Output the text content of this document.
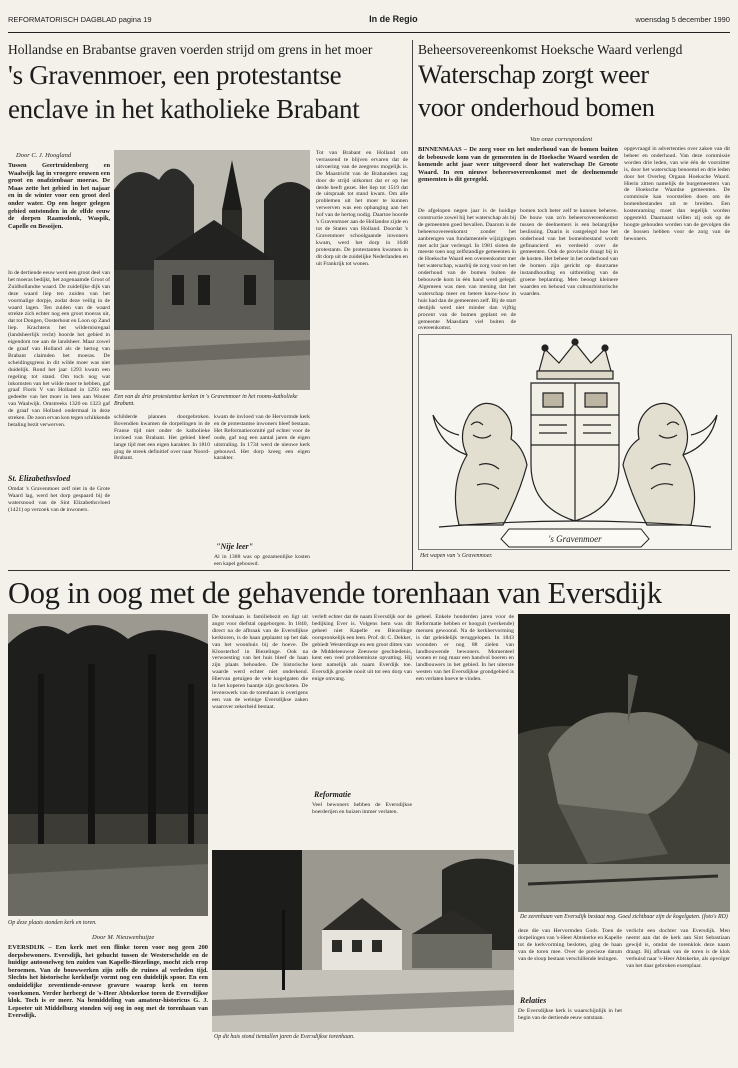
REFORMATORISCH DAGBLAD pagina 19	In de Regio	woensdag 5 december 1990
Hollandse en Brabantse graven voerden strijd om grens in het moer
's Gravenmoer, een protestantse
enclave in het katholieke Brabant
Door C. J. Hoogland
Tussen Geertruidenberg en Waalwijk lag in vroegere eeuwen een groot en onafzienbaar moeras. De Maas zette het gebied in het najaar en in de winter voor een groot deel onder water. Op een hoger gelegen gebied ontstonden in de elfde eeuw de dorpen Raamsdonk, Waspik, Capelle en Besoijen.
In de dertiende eeuw werd een groot deel van het moeras bedijkt, het zogenaamde Groot of Zuidhollandse waard. De zuidelijke dijk van deze waard liep ten zuiden van het voormalige dorpje, zodat deze veilig in de waard lagen. Ten zuiden van de waard strekte zich echter nog een groot moeras uit, dat tot Dongen, Oosterhout en Loon op Zand liep. Krachtens het wildernisregaal (landsheerlijk recht) hoorde het gebied in eigendom toe aan de landsheer. Maar zowel de graaf van Holland als de hertog van Brabant claimden het moeras. De scheidingsgrens in dit wilde moer was niet duidelijk. Rond het jaar 1293 kwam een regeling tot stand. Om toch nog wat inkomsten van het wilde moer te hebben, gaf graaf Floris V van Holland in 1293 een gedeelte van het moer in leen aan Wouter van Waalwijk. Omstreeks 1320 en 1323 gaf de graaf van Holland ondermaal in deze streken. De zoon ervan kon tegen schikkende betaling bezit verwerven.
St. Elizabethsvloed
Omdat 's Gravenmoer zelf niet in de Grote Waard lag, werd het dorp gespaard bij de watersnood van de Sint Elizabethsvloed (1421) op verzoek van de inwoners.
Een van de drie protestantse kerken in 's Gravenmoer in het rooms-katholieke Brabant.
Tot van Brabant en Holland om verrassend te blijven ervaren dat de uitvoering van de zeegrens mogelijk is. De Maastricht van de Brabanders zag door de strijd uitkomst dat er op het derde heeft gezet. Het liep tot 1519 dat de uitspraak tot stand kwam. Om alle problemen uit het moer te kunnen verwerven was een ophanging aan het hof van de hertog nodig. Daartoe hoorde 's Gravenmoer aan de Hollandse zijde en tot de Staten van Holland. Doordat 's Gravenmoer schoolgaande inwoners kwam, werd het dorp in 1648 protestants. De protestanten kwamen in dit dorp uit de zuidelijke Nederlanden en uit Frankrijk tot wonen.
schilderde plannen doorgebroken. Bovendien kwamen de dorpelingen in de Franse tijd niet onder de katholieke invloed van Brabant. Het gebied bleef lange tijd met een eigen karakter. In 1810 ging de streek definitief over naar Noord-Brabant.
kwam de invloed van de Hervormde kerk en de protestantse inwoners bleef bestaan. Het Reformatiecomité gaf echter voor de oude, gaf nog een aantal jaren de eigen uitstraling. In 1734 werd de nieuwe kerk gebouwd. Het dorp kreeg een eigen karakter.
"Nije leer"
Al in 1388 was op gezamenlijke kosten een kapel gebouwd.
Beheersovereenkomst Hoeksche Waard verlengd
Waterschap zorgt weer
voor onderhoud bomen
Van onze correspondent
BINNENMAAS – De zorg voor en het onderhoud van de bomen buiten de bebouwde kom van de gemeenten in de Hoeksche Waard worden de komende acht jaar weer uitgevoerd door het waterschap De Groote Waard. In een nieuwe beheersovereenkomst met de deelnemende gemeenten is dit geregeld.
De afgelopen negen jaar is de huidige constructie zowel bij het waterschap als bij de gemeenten goed bevallen. Daarom is de beheersovereenkomst zonder het aanbrengen van fundamentele wijzigingen met acht jaar verlengd. In 1981 sloten de meeste toen nog zelfstandige gemeenten in de Hoeksche Waard een overeenkomst met het waterschap, waarbij de zorg voor en het onderhoud van de bomen buiten de bebouwde kom in één hand werd gelegd. Algemeen was men van mening dat het waterschap meer en betere know-how in huis had dan de gemeenten zelf. Bij de start destijds werd niet minder dan vijftig procent van de bomen geplant en de gemeente Maasdam viel buiten de overeenkomst.
bomen toch beter zelf te kunnen beheren. De bouw van zo'n beheersovereenkomst tussen de deelnemers is een belangrijke beslissing. Daarin is vastgelegd hoe het onderhoud van het bomenbestand wordt gefinancierd en verdeeld over de gemeenten. Ook de provincie draagt bij in de kosten. Het beheer in het onderhoud van de bomen zijn gericht op duurzame instandhouding en uitbreiding van de groene beplanting. Men beoogt kleinere waarden en behoud van cultuurhistorische waarden.
opgevraagd in advertenties over zaken van dit beheer en onderhoud. Van deze commissie worden drie leden, van wie één de voorzitter is, door het waterschap benoemd en drie leden door het Overleg Orgaan Hoeksche Waard. Hierin zitten namelijk de burgemeesters van de Hoeksche Waardse gemeenten. De commissie kan voorstellen doen om de bomenbestanden uit te breiden. Een kostenraming moet dan tegelijk worden opgesteld. Daarnaast willen zij ook op de hoogte gehouden worden van de gevolgen die de bossen hebben voor de zorg van de bewoners.
's Gravenmoer
Het wapen van 's Gravenmoer.
Oog in oog met de gehavende torenhaan van Eversdijk
Op deze plaats stonden kerk en toren.
Door M. Nieuwenhuijze
EVERSDIJK – Een kerk met een flinke toren voor nog geen 200 dorpsbewoners. Eversdijk, het gehucht tussen de Westerschelde en de huidige autosnelweg ten zuiden van Kapelle-Biezelinge, mocht zich erop beroemen. Van de bouwwerken zijn zelfs de ruines al verleden tijd. Slechts het historische kerkhofje vormt nog een duidelijk spoor. En een onduidelijke zeventiende-eeuwse gravure waarop kerk en toren voorkomen. Verder herbergt de 's-Heer Abtskerkse toren de Eversdijkse klok. Toch is er meer. Na bemiddeling van amateur-historicus G. J. Lepoeter uit Middelburg stonden wij oog in oog met de torenhaan van Eversdijk.
De torenhaan is familiebezit en ligt uit angst voor diefstal opgeborgen. In 1840, direct na de afbraak van de Eversdijkse kerktoren, is de haan geplaatst op het dak van het woonhuis bij de hoeve. De Kloosterhof in Biezelinge. Ook na verwoesting van het huis bleef de haan zijn plaats behouden. De historische waarde werd echter niet onderkend. Hiervan getuigen de vele kogelgaten die in het koperen haantje zijn geschoten. De levenswerk van de torenhaan is overigens een van de weinige Eversdijkse zaken waarover zekerheid bestaat.
verleft echter dat de naam Eversdijk oor de bedijking Ever is. Volgens hem was dit geheel niet Kapelle en Biezelinge oorspronkelijk een leen. Prof. dr. C. Dekker, gebiedt Westerdinge en een groot ditten van de Middeleeuwse Zeeuwse geschiedenis, kent een veel probleemloze opvatting. Hij kent namelijk als naam Everdijk toe. Eversdijk groeide nooit uit tot een dorp van enige omvang.
Reformatie
Veel bewoners hebben de Eversdijkse boerderijen en huizen immer verlaten.
geheel. Enkele honderden jaren voor de Reformatie hebben er hooguit (werkende) mensen gewoond. Na de kerkhervorming is dat geleidelijk teruggelopen. In 1843 woonden er nog 88 zielen van landbouwende bewoners. Momenteel wonen er nog maar een handvol boeren en landbouwers in het gebied. In het uiterste westen van het Eversdijkse grondgebied is een verlaten hoeve te vinden.
De zerenhaan van Eversdijk bestaat nog. Goed zichtbaar zijn de kogelgaten. (foto's RD)
Op dit huis stond tientallen jaren de Eversdijkse torenhaan.
deze die van Hervormden Gods. Toen de dorpelingen van 's-Heer Abtskerke en Kapelle tot de kerkvorming besloten, ging de haan van de toren mee. Over de precieze datum van de sloop bestaan verschillende lezingen.
Relaties
De Eversdijkse kerk is waarschijnlijk in het begin van de dertiende eeuw ontstaan.
verlicht een dochter van Eversdijk. Men neemt aan dat de kerk aan Sint Sebastiaan gewijd is, omdat de torenklok deze naam draagt. Bij afbraak van de toren is de klok verhuisd naar 's-Heer Abtskerke, als opvolger van het daar gebroken exemplaar.
